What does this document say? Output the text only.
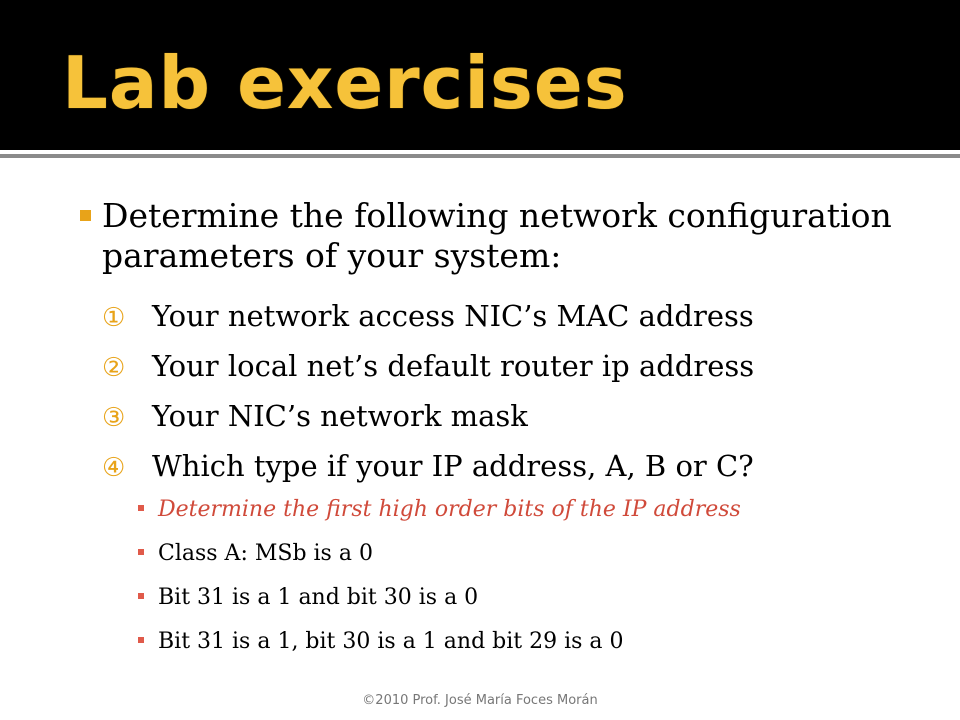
Lab exercises
Determine the following network configuration parameters of your system:
① Your network access NIC’s MAC address
② Your local net’s default router ip address
③ Your NIC’s network mask
④ Which type if your IP address, A, B or C?
Determine the first high order bits of the IP address
Class A: MSb is a 0
Bit 31 is a 1 and bit 30 is a 0
Bit 31 is a 1, bit 30 is a 1 and bit 29 is a 0
©2010 Prof. José María Foces Morán
